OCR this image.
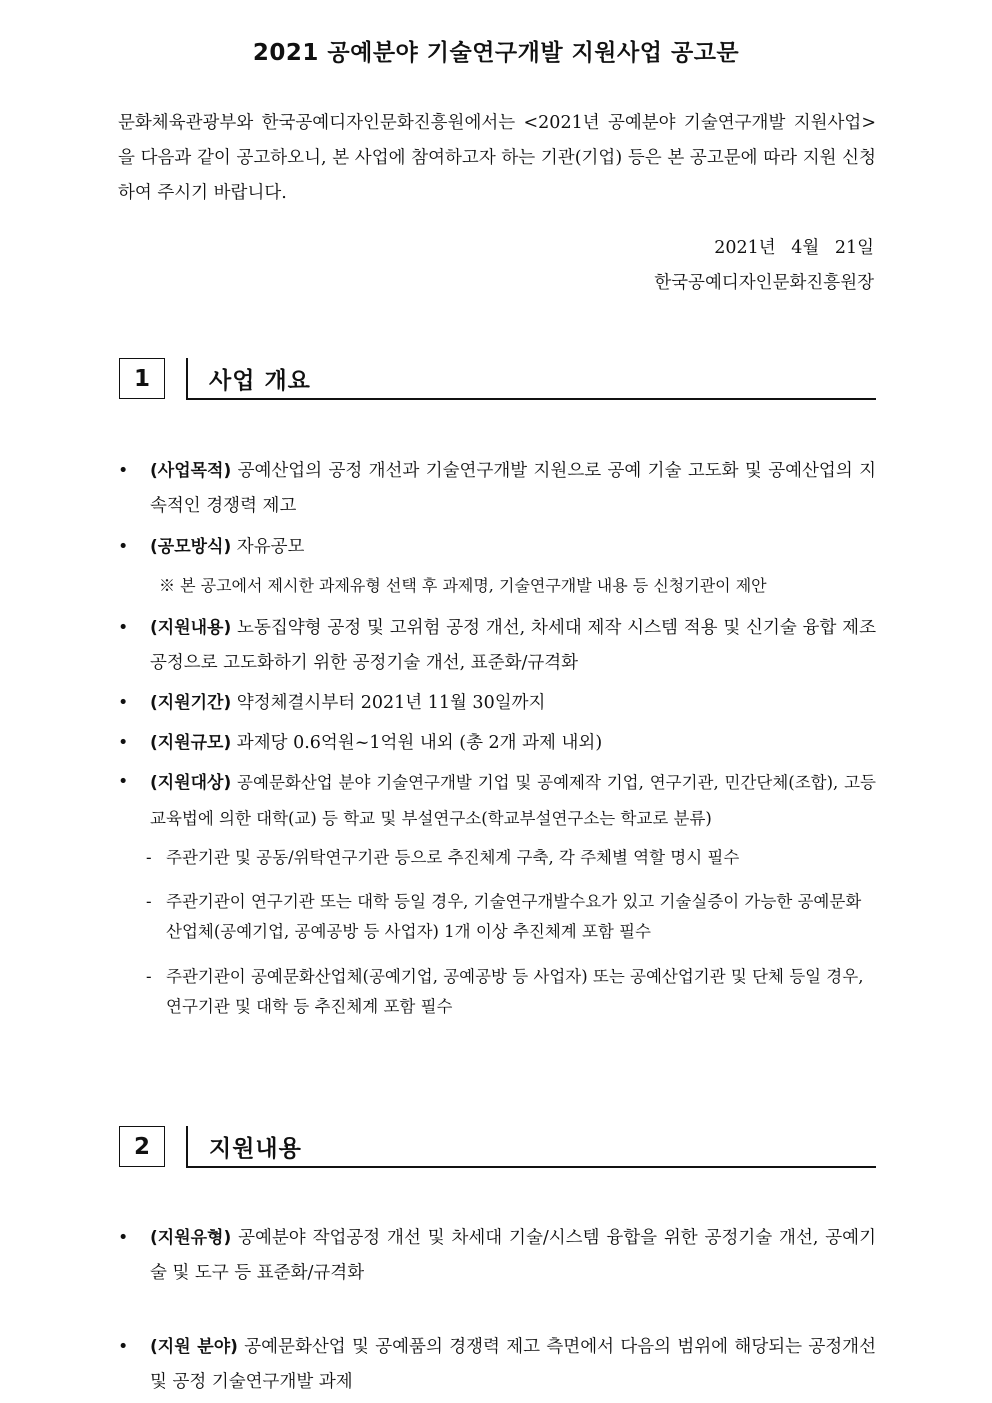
2021 공예분야 기술연구개발 지원사업 공고문
문화체육관광부와 한국공예디자인문화진흥원에서는 <2021년 공예분야 기술연구개발 지원사업>을 다음과 같이 공고하오니, 본 사업에 참여하고자 하는 기관(기업) 등은 본 공고문에 따라 지원 신청하여 주시기 바랍니다.
2021년 4월 21일
한국공예디자인문화진흥원장
1	사업 개요
• (사업목적) 공예산업의 공정 개선과 기술연구개발 지원으로 공예 기술 고도화 및 공예산업의 지속적인 경쟁력 제고
• (공모방식) 자유공모
※ 본 공고에서 제시한 과제유형 선택 후 과제명, 기술연구개발 내용 등 신청기관이 제안
• (지원내용) 노동집약형 공정 및 고위험 공정 개선, 차세대 제작 시스템 적용 및 신기술 융합 제조공정으로 고도화하기 위한 공정기술 개선, 표준화/규격화
• (지원기간) 약정체결시부터 2021년 11월 30일까지
• (지원규모) 과제당 0.6억원~1억원 내외 (총 2개 과제 내외)
• (지원대상) 공예문화산업 분야 기술연구개발 기업 및 공예제작 기업, 연구기관, 민간단체(조합), 고등교육법에 의한 대학(교) 등 학교 및 부설연구소(학교부설연구소는 학교로 분류)
- 주관기관 및 공동/위탁연구기관 등으로 추진체계 구축, 각 주체별 역할 명시 필수
- 주관기관이 연구기관 또는 대학 등일 경우, 기술연구개발수요가 있고 기술실증이 가능한 공예문화산업체(공예기업, 공예공방 등 사업자) 1개 이상 추진체계 포함 필수
- 주관기관이 공예문화산업체(공예기업, 공예공방 등 사업자) 또는 공예산업기관 및 단체 등일 경우, 연구기관 및 대학 등 추진체계 포함 필수
2	지원내용
• (지원유형) 공예분야 작업공정 개선 및 차세대 기술/시스템 융합을 위한 공정기술 개선, 공예기술 및 도구 등 표준화/규격화
• (지원 분야) 공예문화산업 및 공예품의 경쟁력 제고 측면에서 다음의 범위에 해당되는 공정개선 및 공정 기술연구개발 과제
